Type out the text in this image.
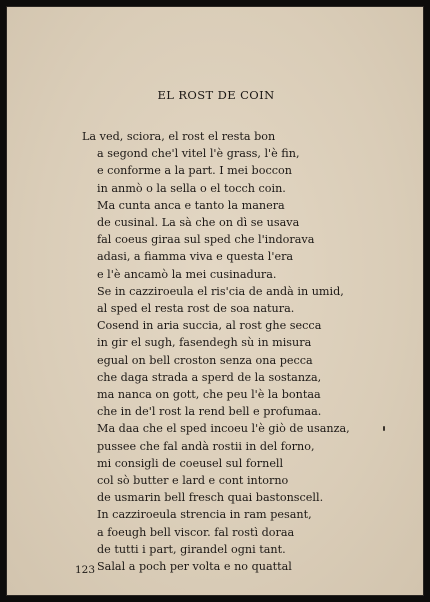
EL ROST DE COIN
La ved, sciora, el rost el resta bon
a segond che'l vitel l'è grass, l'è fin,
e conforme a la part. I mei boccon
in anmò o la sella o el tocch coin.
Ma cunta anca e tanto la manera
de cusinal. La sà che on dì se usava
fal coeus giraa sul sped che l'indorava
adasi, a fiamma viva e questa l'era
e l'è ancamò la mei cusinadura.
Se in cazziroeula el ris'cia de andà in umid,
al sped el resta rost de soa natura.
Cosend in aria succia, al rost ghe secca
in gir el sugh, fasendegh sù in misura
egual on bell croston senza ona pecca
che daga strada a sperd de la sostanza,
ma nanca on gott, che peu l'è la bontaa
che in de'l rost la rend bell e profumaa.
Ma daa che el sped incoeu l'è giò de usanza,
pussee che fal andà rostii in del forno,
mi consigli de coeusel sul fornell
col sò butter e lard e cont intorno
de usmarin bell fresch quai bastonscell.
In cazziroeula strencia in ram pesant,
a foeugh bell viscor. fal rostì doraa
de tutti i part, girandel ogni tant.
Salal a poch per volta e no quattal
123
